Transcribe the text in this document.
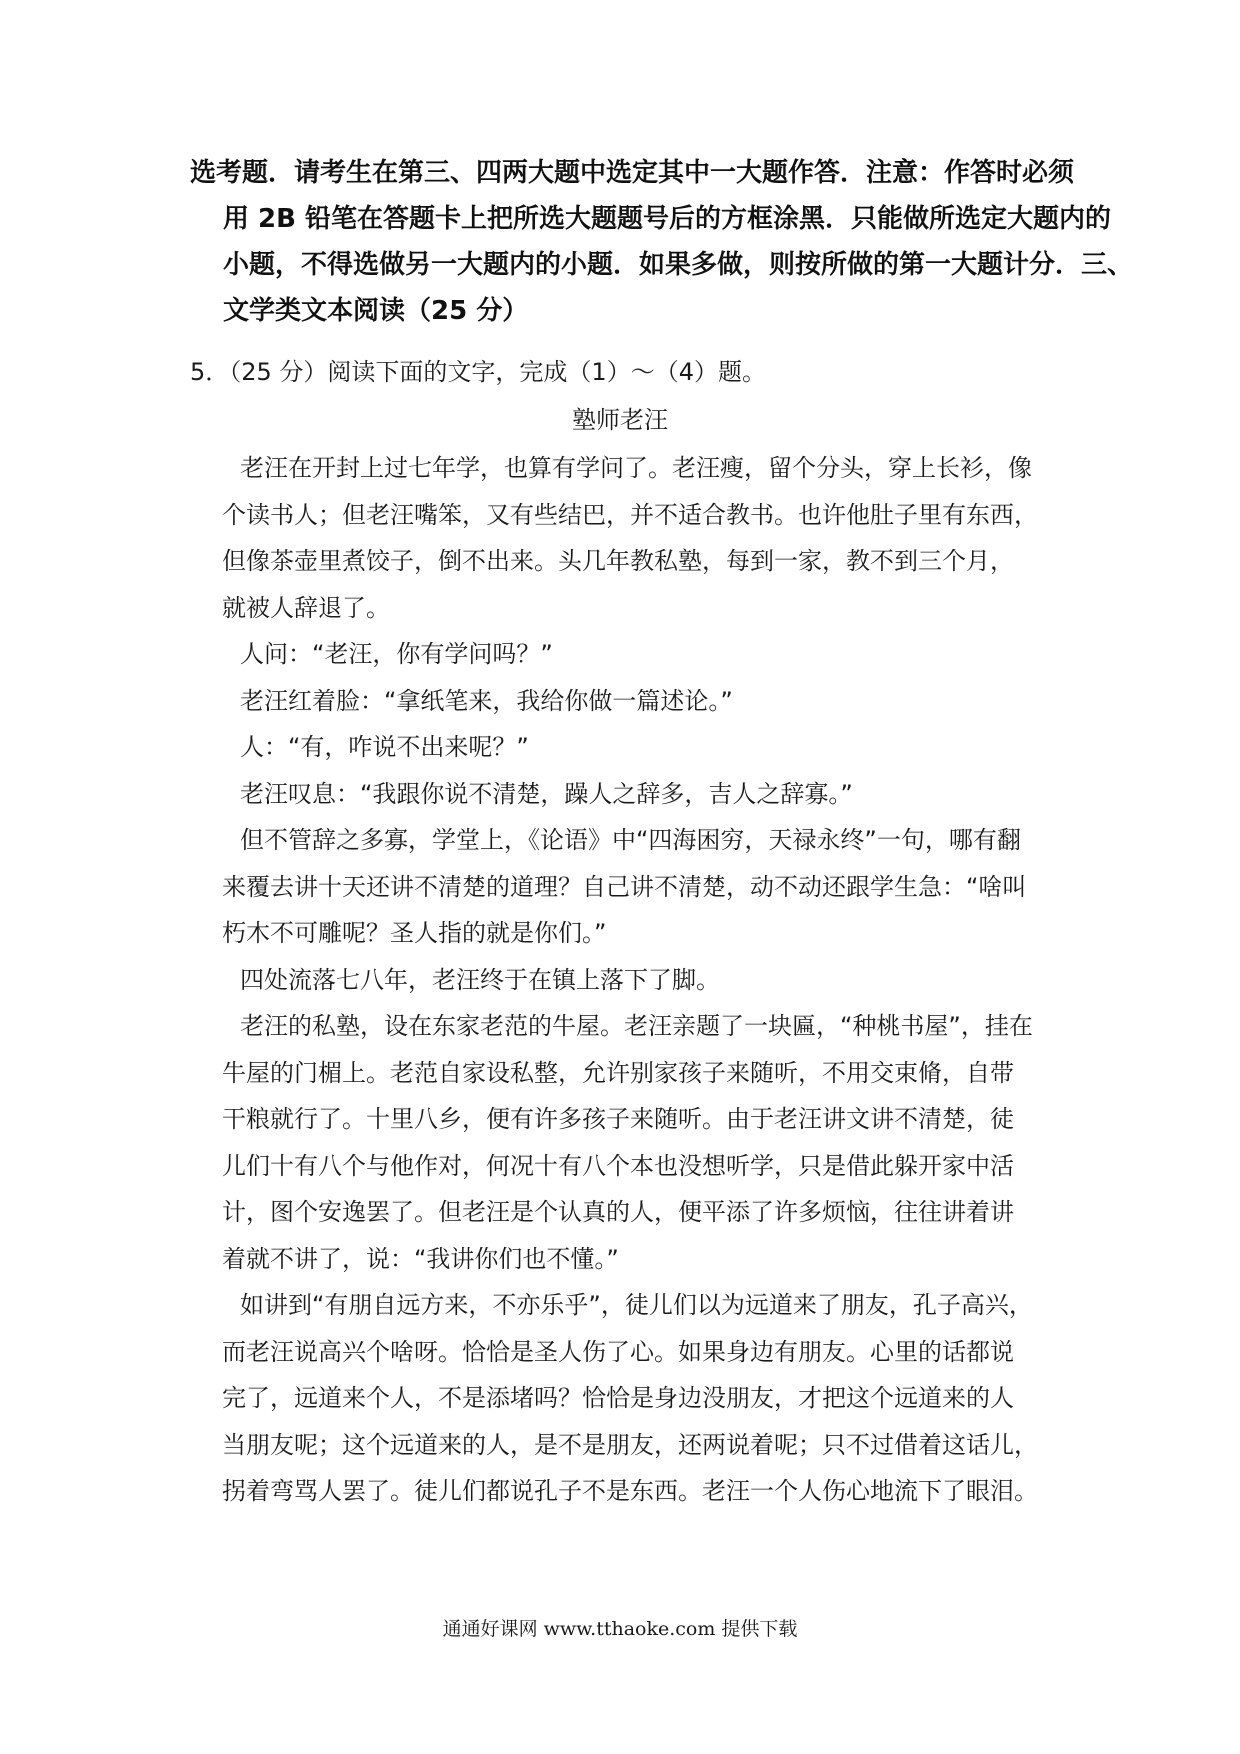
选考题．请考生在第三、四两大题中选定其中一大题作答．注意：作答时必须
用 2B 铅笔在答题卡上把所选大题题号后的方框涂黑．只能做所选定大题内的
小题，不得选做另一大题内的小题．如果多做，则按所做的第一大题计分．三、
文学类文本阅读（25 分）
5．（25 分）阅读下面的文字，完成（1）～（4）题。
塾师老汪
老汪在开封上过七年学，也算有学问了。老汪瘦，留个分头，穿上长衫，像
个读书人；但老汪嘴笨，又有些结巴，并不适合教书。也许他肚子里有东西，
但像茶壶里煮饺子，倒不出来。头几年教私塾，每到一家，教不到三个月，
就被人辞退了。
人问：“老汪，你有学问吗？”
老汪红着脸：“拿纸笔来，我给你做一篇述论。”
人：“有，咋说不出来呢？”
老汪叹息：“我跟你说不清楚，躁人之辞多，吉人之辞寡。”
但不管辞之多寡，学堂上，《论语》中“四海困穷，天禄永终”一句，哪有翻
来覆去讲十天还讲不清楚的道理？自己讲不清楚，动不动还跟学生急：“啥叫
朽木不可雕呢？圣人指的就是你们。”
四处流落七八年，老汪终于在镇上落下了脚。
老汪的私塾，设在东家老范的牛屋。老汪亲题了一块匾，“种桃书屋”，挂在
牛屋的门楣上。老范自家设私整，允许别家孩子来随听，不用交束脩，自带
干粮就行了。十里八乡，便有许多孩子来随听。由于老汪讲文讲不清楚，徒
儿们十有八个与他作对，何况十有八个本也没想听学，只是借此躲开家中活
计，图个安逸罢了。但老汪是个认真的人，便平添了许多烦恼，往往讲着讲
着就不讲了，说：“我讲你们也不懂。”
如讲到“有朋自远方来，不亦乐乎”，徒儿们以为远道来了朋友，孔子高兴，
而老汪说高兴个啥呀。恰恰是圣人伤了心。如果身边有朋友。心里的话都说
完了，远道来个人，不是添堵吗？恰恰是身边没朋友，才把这个远道来的人
当朋友呢；这个远道来的人，是不是朋友，还两说着呢；只不过借着这话儿，
拐着弯骂人罢了。徒儿们都说孔子不是东西。老汪一个人伤心地流下了眼泪。
通通好课网 www.tthaoke.com 提供下载
